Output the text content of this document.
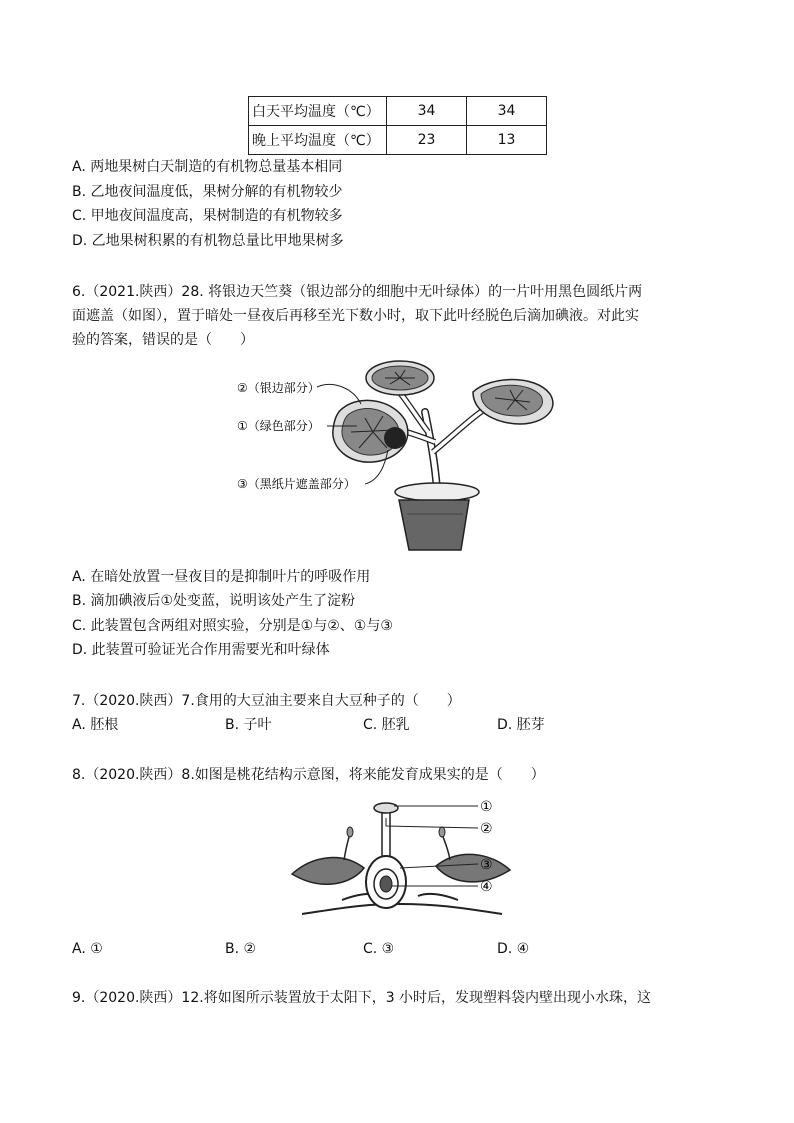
白天平均温度（℃）	34	34
晚上平均温度（℃）	23	13
A. 两地果树白天制造的有机物总量基本相同
B. 乙地夜间温度低，果树分解的有机物较少
C. 甲地夜间温度高，果树制造的有机物较多
D. 乙地果树积累的有机物总量比甲地果树多
6.（2021.陕西）28. 将银边天竺葵（银边部分的细胞中无叶绿体）的一片叶用黑色圆纸片两
面遮盖（如图），置于暗处一昼夜后再移至光下数小时，取下此叶经脱色后滴加碘液。对此实
验的答案，错误的是（　　）
②（银边部分）
①（绿色部分）
③（黑纸片遮盖部分）
A. 在暗处放置一昼夜目的是抑制叶片的呼吸作用
B. 滴加碘液后①处变蓝，说明该处产生了淀粉
C. 此装置包含两组对照实验，分别是①与②、①与③
D. 此装置可验证光合作用需要光和叶绿体
7.（2020.陕西）7.食用的大豆油主要来自大豆种子的（　　）
A. 胚根	B. 子叶	C. 胚乳	D. 胚芽
8.（2020.陕西）8.如图是桃花结构示意图，将来能发育成果实的是（　　）
①
②
③
④
A. ①	B. ②	C. ③	D. ④
9.（2020.陕西）12.将如图所示装置放于太阳下，3 小时后，发现塑料袋内壁出现小水珠，这
